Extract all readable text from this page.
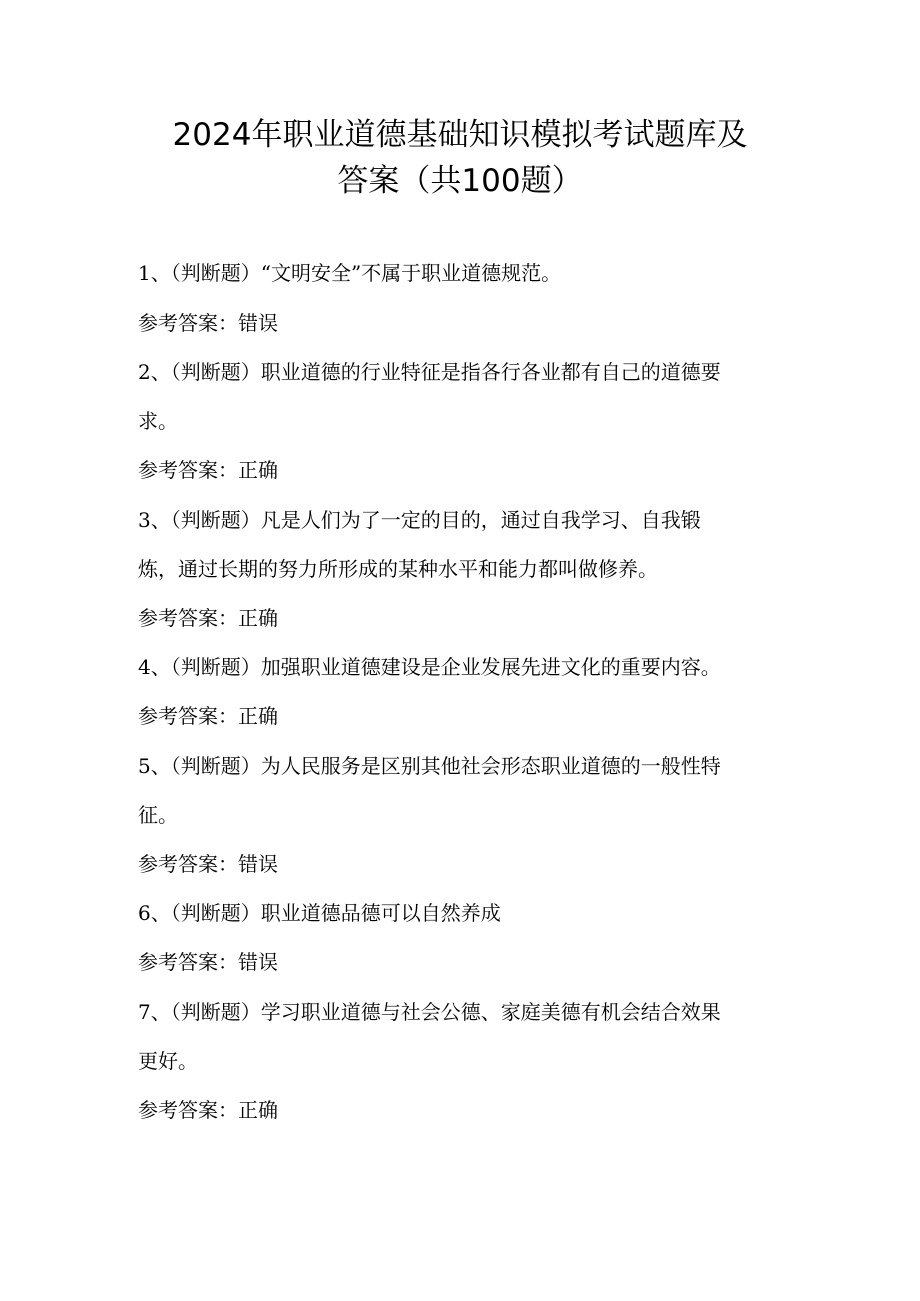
2024年职业道德基础知识模拟考试题库及
答案（共100题）
1、（判断题）“文明安全”不属于职业道德规范。
参考答案：错误
2、（判断题）职业道德的行业特征是指各行各业都有自己的道德要
求。
参考答案：正确
3、（判断题）凡是人们为了一定的目的，通过自我学习、自我锻
炼，通过长期的努力所形成的某种水平和能力都叫做修养。
参考答案：正确
4、（判断题）加强职业道德建设是企业发展先进文化的重要内容。
参考答案：正确
5、（判断题）为人民服务是区别其他社会形态职业道德的一般性特
征。
参考答案：错误
6、（判断题）职业道德品德可以自然养成
参考答案：错误
7、（判断题）学习职业道德与社会公德、家庭美德有机会结合效果
更好。
参考答案：正确
